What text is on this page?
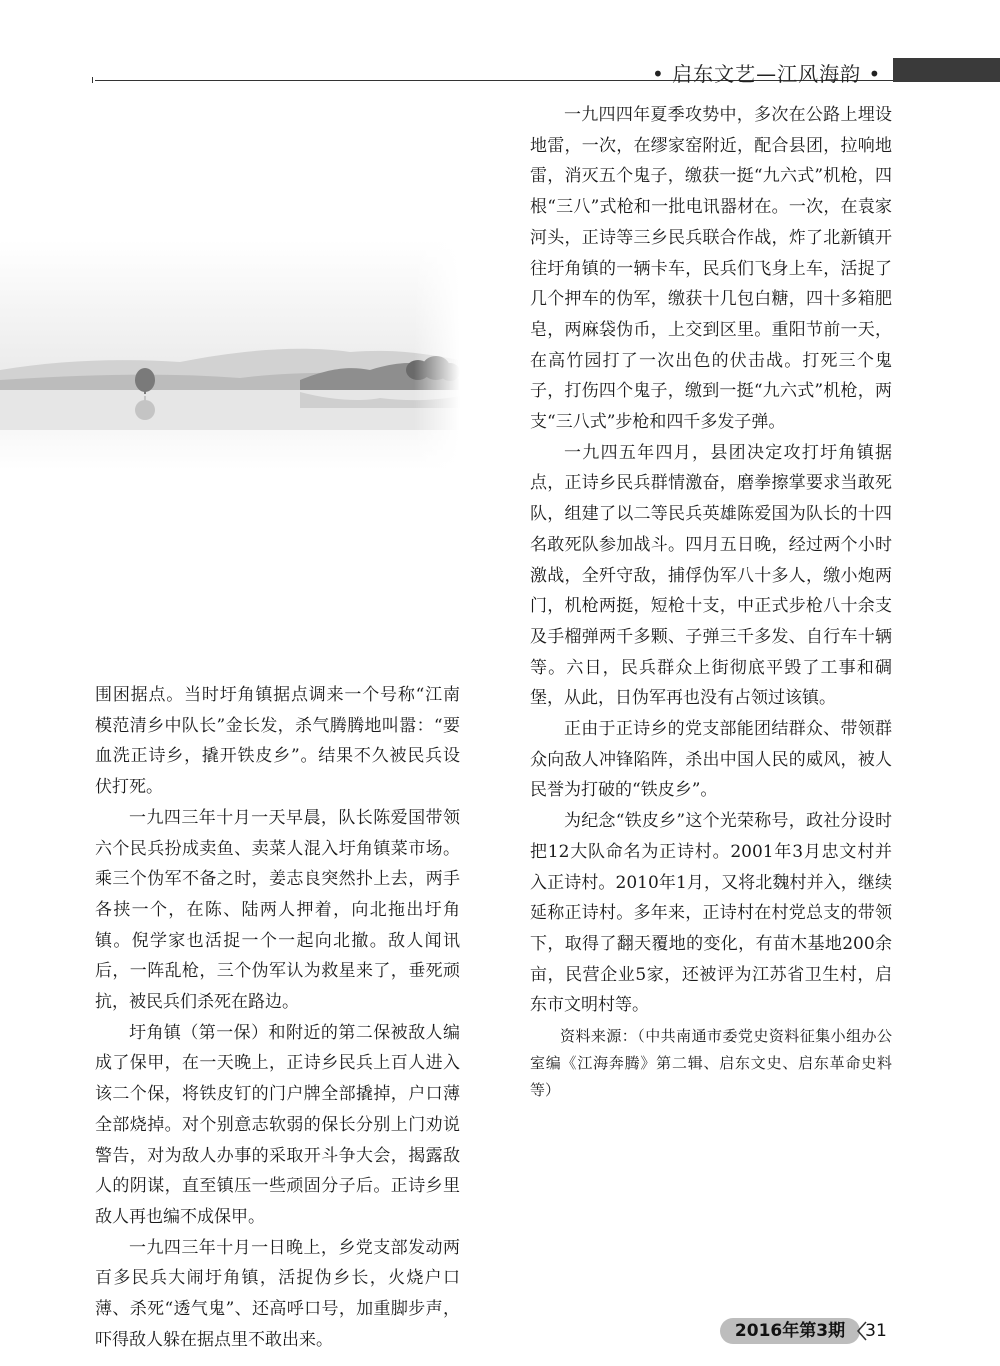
• 启东文艺—江风海韵 •

围困据点。当时圩角镇据点调来一个号称“江南模范清乡中队长”金长发，杀气腾腾地叫嚣：“要血洗正诗乡，撬开铁皮乡”。结果不久被民兵设伏打死。

一九四三年十月一天早晨，队长陈爱国带领六个民兵扮成卖鱼、卖菜人混入圩角镇菜市场。乘三个伪军不备之时，姜志良突然扑上去，两手各挟一个，在陈、陆两人押着，向北拖出圩角镇。倪学家也活捉一个一起向北撤。敌人闻讯后，一阵乱枪，三个伪军认为救星来了，垂死顽抗，被民兵们杀死在路边。

圩角镇（第一保）和附近的第二保被敌人编成了保甲，在一天晚上，正诗乡民兵上百人进入该二个保，将铁皮钉的门户牌全部撬掉，户口薄全部烧掉。对个别意志软弱的保长分别上门劝说警告，对为敌人办事的采取开斗争大会，揭露敌人的阴谋，直至镇压一些顽固分子后。正诗乡里敌人再也编不成保甲。

一九四三年十月一日晚上，乡党支部发动两百多民兵大闹圩角镇，活捉伪乡长，火烧户口薄、杀死“透气鬼”、还高呼口号，加重脚步声，吓得敌人躲在据点里不敢出来。

一九四四年夏季攻势中，多次在公路上埋设地雷，一次，在缪家窑附近，配合县团，拉响地雷，消灭五个鬼子，缴获一挺“九六式”机枪，四根“三八”式枪和一批电讯器材在。一次，在袁家河头，正诗等三乡民兵联合作战，炸了北新镇开往圩角镇的一辆卡车，民兵们飞身上车，活捉了几个押车的伪军，缴获十几包白糖，四十多箱肥皂，两麻袋伪币，上交到区里。重阳节前一天，在高竹园打了一次出色的伏击战。打死三个鬼子，打伤四个鬼子，缴到一挺“九六式”机枪，两支“三八式”步枪和四千多发子弹。

一九四五年四月，县团决定攻打圩角镇据点，正诗乡民兵群情激奋，磨拳擦掌要求当敢死队，组建了以二等民兵英雄陈爱国为队长的十四名敢死队参加战斗。四月五日晚，经过两个小时激战，全歼守敌，捕俘伪军八十多人，缴小炮两门，机枪两挺，短枪十支，中正式步枪八十余支及手榴弹两千多颗、子弹三千多发、自行车十辆等。六日，民兵群众上街彻底平毁了工事和碉堡，从此，日伪军再也没有占领过该镇。

正由于正诗乡的党支部能团结群众、带领群众向敌人冲锋陷阵，杀出中国人民的威风，被人民誉为打破的“铁皮乡”。

为纪念“铁皮乡”这个光荣称号，政社分设时把12大队命名为正诗村。2001年3月忠文村并入正诗村。2010年1月，又将北魏村并入，继续延称正诗村。多年来，正诗村在村党总支的带领下，取得了翻天覆地的变化，有苗木基地200余亩，民营企业5家，还被评为江苏省卫生村，启东市文明村等。

资料来源：（中共南通市委党史资料征集小组办公室编《江海奔腾》第二辑、启东文史、启东革命史料等）

2016年第3期	31
